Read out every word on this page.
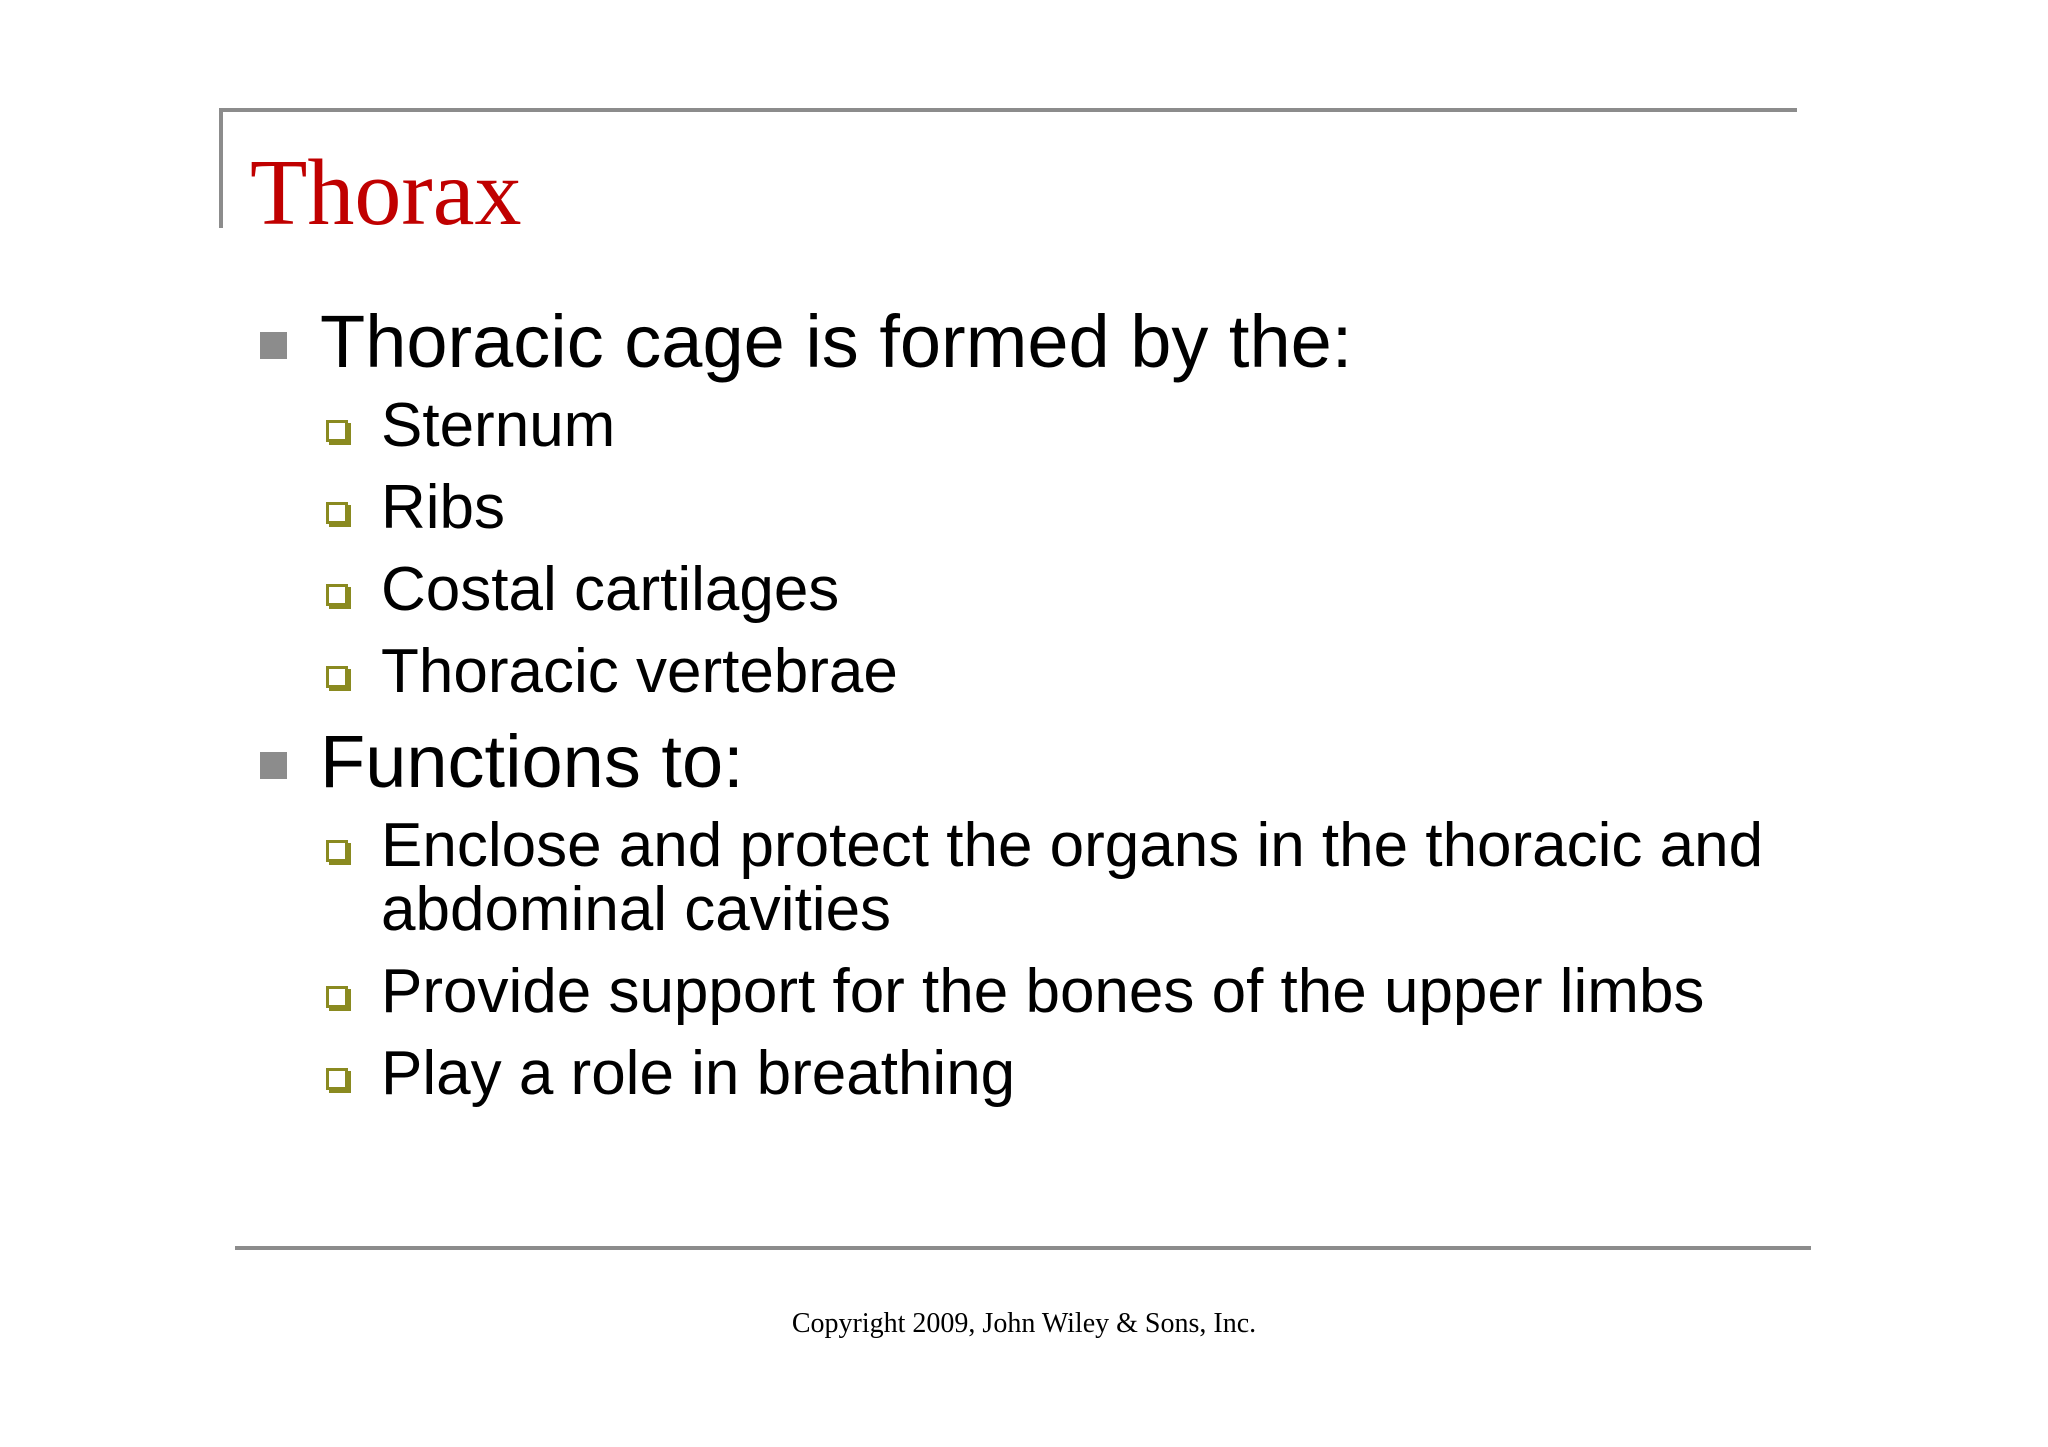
Thorax
Thoracic cage is formed by the:
Sternum
Ribs
Costal cartilages
Thoracic vertebrae
Functions to:
Enclose and protect the organs in the thoracic and abdominal cavities
Provide support for the bones of the upper limbs
Play a role in breathing
Copyright 2009, John Wiley & Sons, Inc.
